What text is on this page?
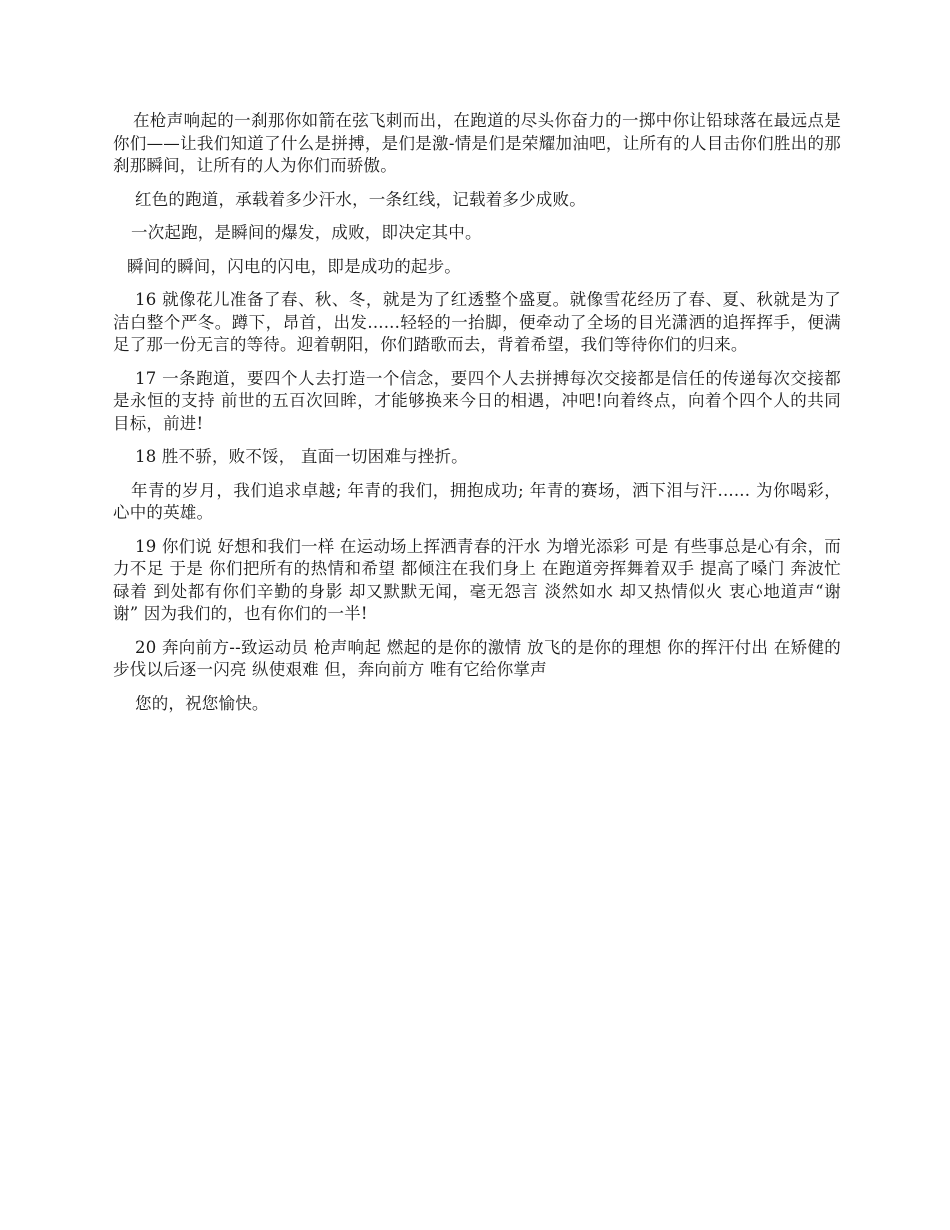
在枪声响起的一刹那你如箭在弦飞刺而出，在跑道的尽头你奋力的一掷中你让铅球落在最远点是你们——让我们知道了什么是拼搏，是们是激-情是们是荣耀加油吧，让所有的人目击你们胜出的那刹那瞬间，让所有的人为你们而骄傲。

红色的跑道，承载着多少汗水，一条红线，记载着多少成败。

一次起跑，是瞬间的爆发，成败，即决定其中。

瞬间的瞬间，闪电的闪电，即是成功的起步。

16 就像花儿准备了春、秋、冬，就是为了红透整个盛夏。就像雪花经历了春、夏、秋就是为了洁白整个严冬。蹲下，昂首，出发......轻轻的一抬脚，便牵动了全场的目光潇洒的追挥挥手，便满足了那一份无言的等待。迎着朝阳，你们踏歌而去，背着希望，我们等待你们的归来。

17 一条跑道，要四个人去打造一个信念，要四个人去拼搏每次交接都是信任的传递每次交接都是永恒的支持 前世的五百次回眸，才能够换来今日的相遇，冲吧!向着终点，向着个四个人的共同目标，前进!

18 胜不骄，败不馁， 直面一切困难与挫折。

年青的岁月，我们追求卓越; 年青的我们，拥抱成功; 年青的赛场，洒下泪与汗...... 为你喝彩，心中的英雄。

19 你们说 好想和我们一样 在运动场上挥洒青春的汗水 为增光添彩 可是 有些事总是心有余，而力不足 于是 你们把所有的热情和希望 都倾注在我们身上 在跑道旁挥舞着双手 提高了嗓门 奔波忙碌着 到处都有你们辛勤的身影 却又默默无闻，毫无怨言 淡然如水 却又热情似火 衷心地道声“谢谢” 因为我们的，也有你们的一半!

20 奔向前方--致运动员 枪声响起 燃起的是你的激情 放飞的是你的理想 你的挥汗付出 在矫健的步伐以后逐一闪亮 纵使艰难 但，奔向前方 唯有它给你掌声

您的，祝您愉快。
